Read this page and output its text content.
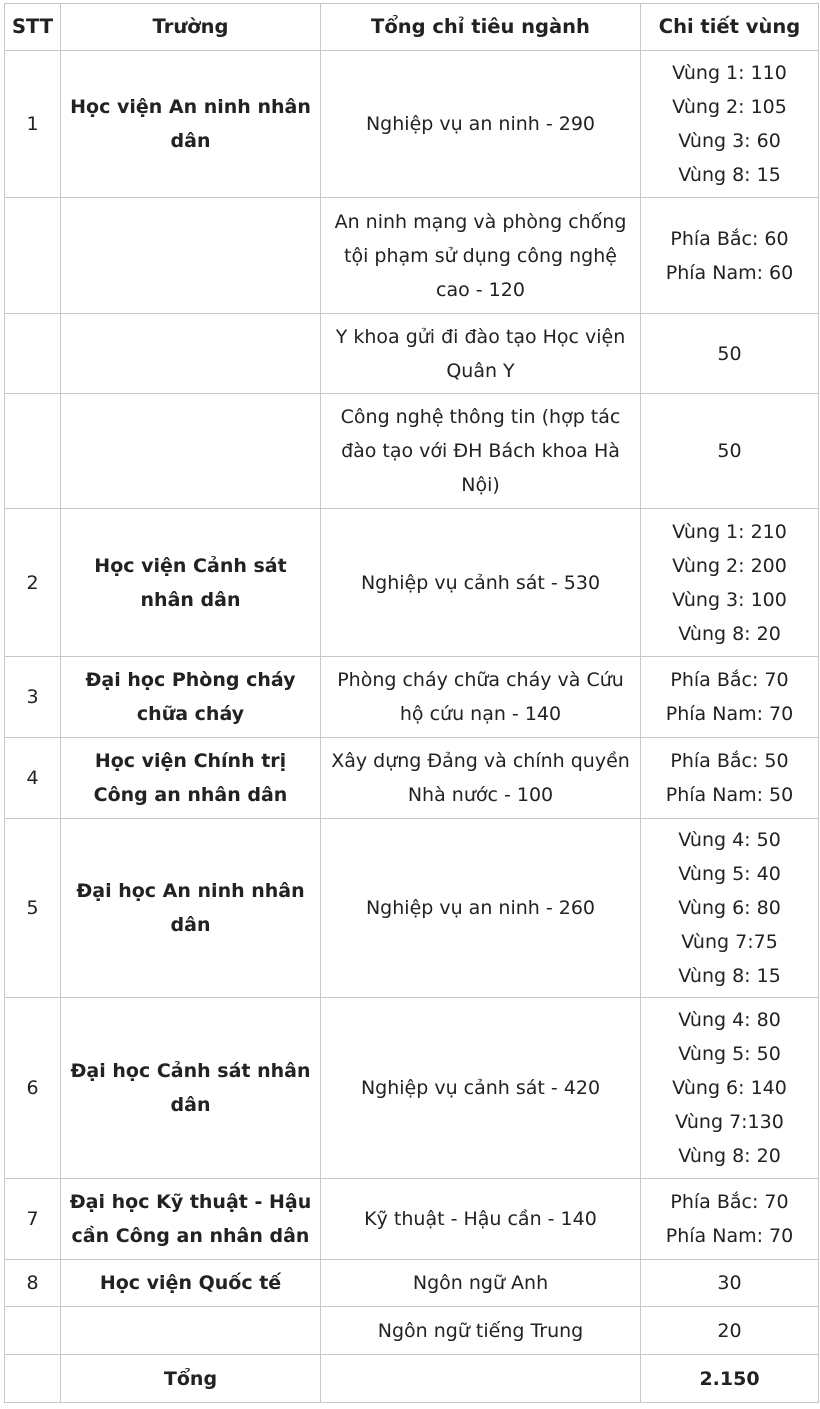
STT	Trường	Tổng chỉ tiêu ngành	Chi tiết vùng
1	Học viện An ninh nhân dân	Nghiệp vụ an ninh - 290	Vùng 1: 110
Vùng 2: 105
Vùng 3: 60
Vùng 8: 15

		An ninh mạng và phòng chống tội phạm sử dụng công nghệ cao - 120	Phía Bắc: 60
Phía Nam: 60

		Y khoa gửi đi đào tạo Học viện Quân Y	50

		Công nghệ thông tin (hợp tác đào tạo với ĐH Bách khoa Hà Nội)	50

2	Học viện Cảnh sát nhân dân	Nghiệp vụ cảnh sát - 530	Vùng 1: 210
Vùng 2: 200
Vùng 3: 100
Vùng 8: 20

3	Đại học Phòng cháy chữa cháy	Phòng cháy chữa cháy và Cứu hộ cứu nạn - 140	Phía Bắc: 70
Phía Nam: 70

4	Học viện Chính trị Công an nhân dân	Xây dựng Đảng và chính quyền Nhà nước - 100	Phía Bắc: 50
Phía Nam: 50

5	Đại học An ninh nhân dân	Nghiệp vụ an ninh - 260	Vùng 4: 50
Vùng 5: 40
Vùng 6: 80
Vùng 7:75
Vùng 8: 15

6	Đại học Cảnh sát nhân dân	Nghiệp vụ cảnh sát - 420	Vùng 4: 80
Vùng 5: 50
Vùng 6: 140
Vùng 7:130
Vùng 8: 20

7	Đại học Kỹ thuật - Hậu cần Công an nhân dân	Kỹ thuật - Hậu cần - 140	Phía Bắc: 70
Phía Nam: 70

8	Học viện Quốc tế	Ngôn ngữ Anh	30

		Ngôn ngữ tiếng Trung	20

	Tổng		2.150
